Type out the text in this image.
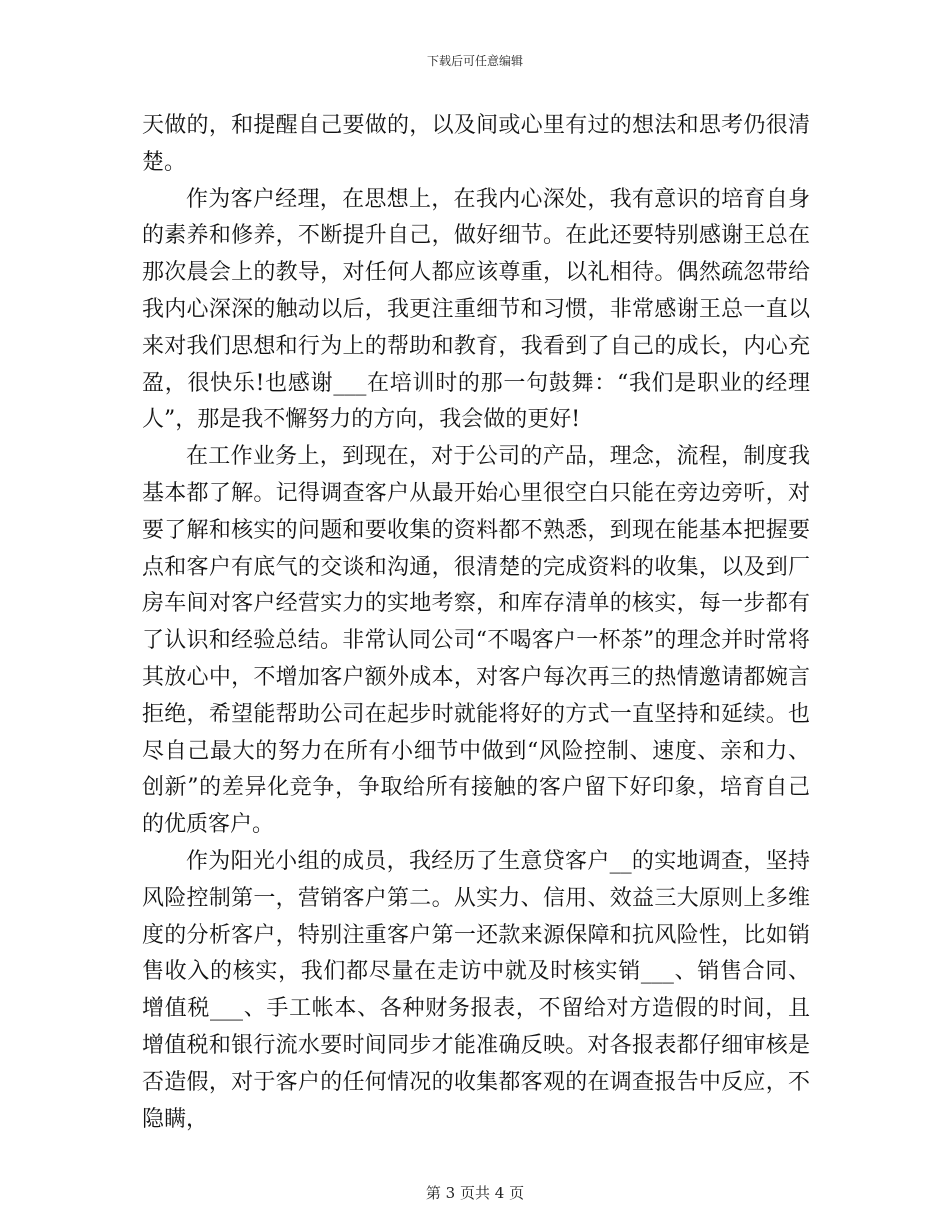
下载后可任意编辑

天做的，和提醒自己要做的，以及间或心里有过的想法和思考仍很清楚。

作为客户经理，在思想上，在我内心深处，我有意识的培育自身的素养和修养，不断提升自己，做好细节。在此还要特别感谢王总在那次晨会上的教导，对任何人都应该尊重，以礼相待。偶然疏忽带给我内心深深的触动以后，我更注重细节和习惯，非常感谢王总一直以来对我们思想和行为上的帮助和教育，我看到了自己的成长，内心充盈，很快乐!也感谢___在培训时的那一句鼓舞：“我们是职业的经理人”，那是我不懈努力的方向，我会做的更好!

在工作业务上，到现在，对于公司的产品，理念，流程，制度我基本都了解。记得调查客户从最开始心里很空白只能在旁边旁听，对要了解和核实的问题和要收集的资料都不熟悉，到现在能基本把握要点和客户有底气的交谈和沟通，很清楚的完成资料的收集，以及到厂房车间对客户经营实力的实地考察，和库存清单的核实，每一步都有了认识和经验总结。非常认同公司“不喝客户一杯茶”的理念并时常将其放心中，不增加客户额外成本，对客户每次再三的热情邀请都婉言拒绝，希望能帮助公司在起步时就能将好的方式一直坚持和延续。也尽自己最大的努力在所有小细节中做到“风险控制、速度、亲和力、创新”的差异化竞争，争取给所有接触的客户留下好印象，培育自己的优质客户。

作为阳光小组的成员，我经历了生意贷客户__的实地调查，坚持风险控制第一，营销客户第二。从实力、信用、效益三大原则上多维度的分析客户，特别注重客户第一还款来源保障和抗风险性，比如销售收入的核实，我们都尽量在走访中就及时核实销___、销售合同、增值税___、手工帐本、各种财务报表，不留给对方造假的时间，且增值税和银行流水要时间同步才能准确反映。对各报表都仔细审核是否造假，对于客户的任何情况的收集都客观的在调查报告中反应，不隐瞒，

第 3 页共 4 页
